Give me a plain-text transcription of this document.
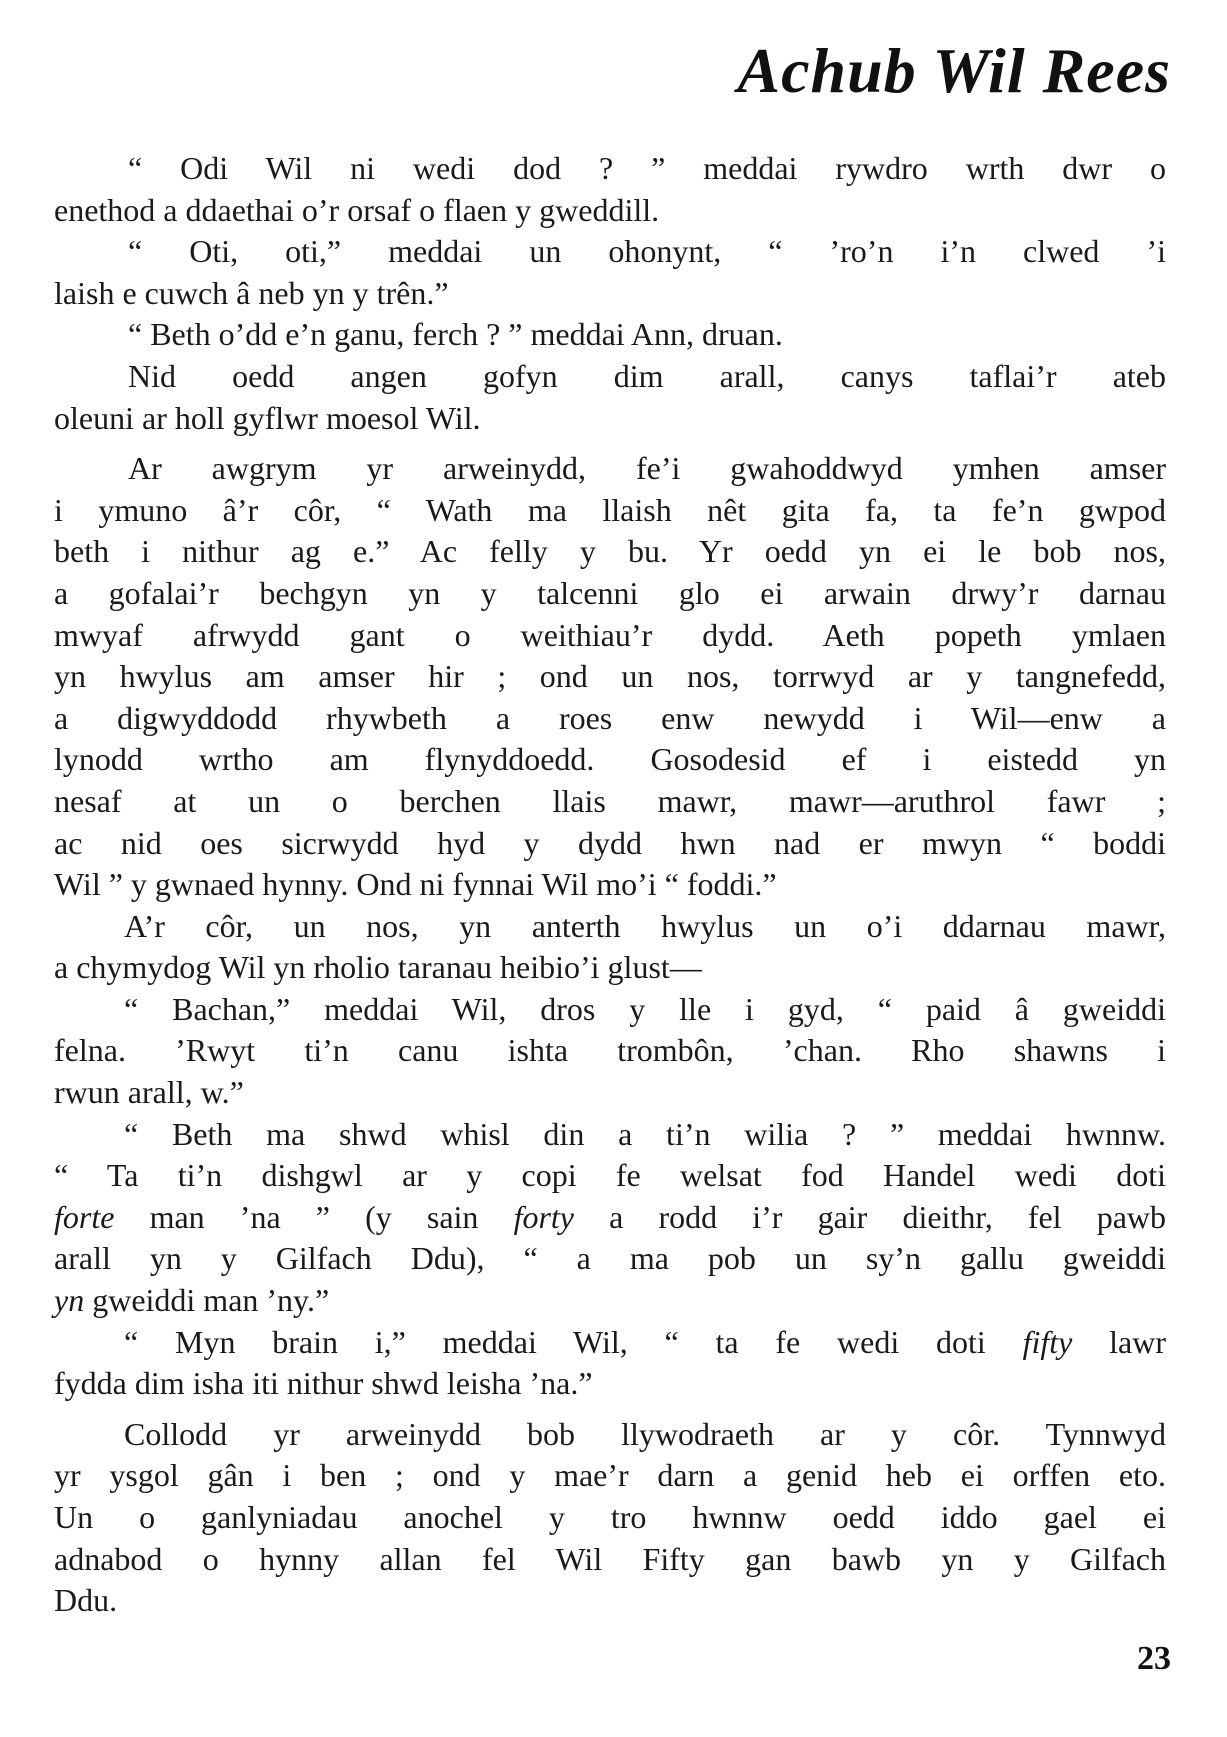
Achub Wil Rees
“ Odi Wil ni wedi dod ? ” meddai rywdro wrth dwr o
enethod a ddaethai o’r orsaf o flaen y gweddill.
“ Oti, oti,” meddai un ohonynt, “ ’ro’n i’n clwed ’i
laish e cuwch â neb yn y trên.”
“ Beth o’dd e’n ganu, ferch ? ” meddai Ann, druan.
Nid oedd angen gofyn dim arall, canys taflai’r ateb
oleuni ar holl gyflwr moesol Wil.
Ar awgrym yr arweinydd, fe’i gwahoddwyd ymhen amser
i ymuno â’r côr, “ Wath ma llaish nêt gita fa, ta fe’n gwpod
beth i nithur ag e.” Ac felly y bu. Yr oedd yn ei le bob nos,
a gofalai’r bechgyn yn y talcenni glo ei arwain drwy’r darnau
mwyaf afrwydd gant o weithiau’r dydd. Aeth popeth ymlaen
yn hwylus am amser hir ; ond un nos, torrwyd ar y tangnefedd,
a digwyddodd rhywbeth a roes enw newydd i Wil—enw a
lynodd wrtho am flynyddoedd. Gosodesid ef i eistedd yn
nesaf at un o berchen llais mawr, mawr—aruthrol fawr ;
ac nid oes sicrwydd hyd y dydd hwn nad er mwyn “ boddi
Wil ” y gwnaed hynny. Ond ni fynnai Wil mo’i “ foddi.”
A’r côr, un nos, yn anterth hwylus un o’i ddarnau mawr,
a chymydog Wil yn rholio taranau heibio’i glust—
“ Bachan,” meddai Wil, dros y lle i gyd, “ paid â gweiddi
felna. ’Rwyt ti’n canu ishta trombôn, ’chan. Rho shawns i
rwun arall, w.”
“ Beth ma shwd whisl din a ti’n wilia ? ” meddai hwnnw.
“ Ta ti’n dishgwl ar y copi fe welsat fod Handel wedi doti
forte man ’na ” (y sain forty a rodd i’r gair dieithr, fel pawb
arall yn y Gilfach Ddu), “ a ma pob un sy’n gallu gweiddi
yn gweiddi man ’ny.”
“ Myn brain i,” meddai Wil, “ ta fe wedi doti fifty lawr
fydda dim isha iti nithur shwd leisha ’na.”
Collodd yr arweinydd bob llywodraeth ar y côr. Tynnwyd
yr ysgol gân i ben ; ond y mae’r darn a genid heb ei orffen eto.
Un o ganlyniadau anochel y tro hwnnw oedd iddo gael ei
adnabod o hynny allan fel Wil Fifty gan bawb yn y Gilfach
Ddu.
23
